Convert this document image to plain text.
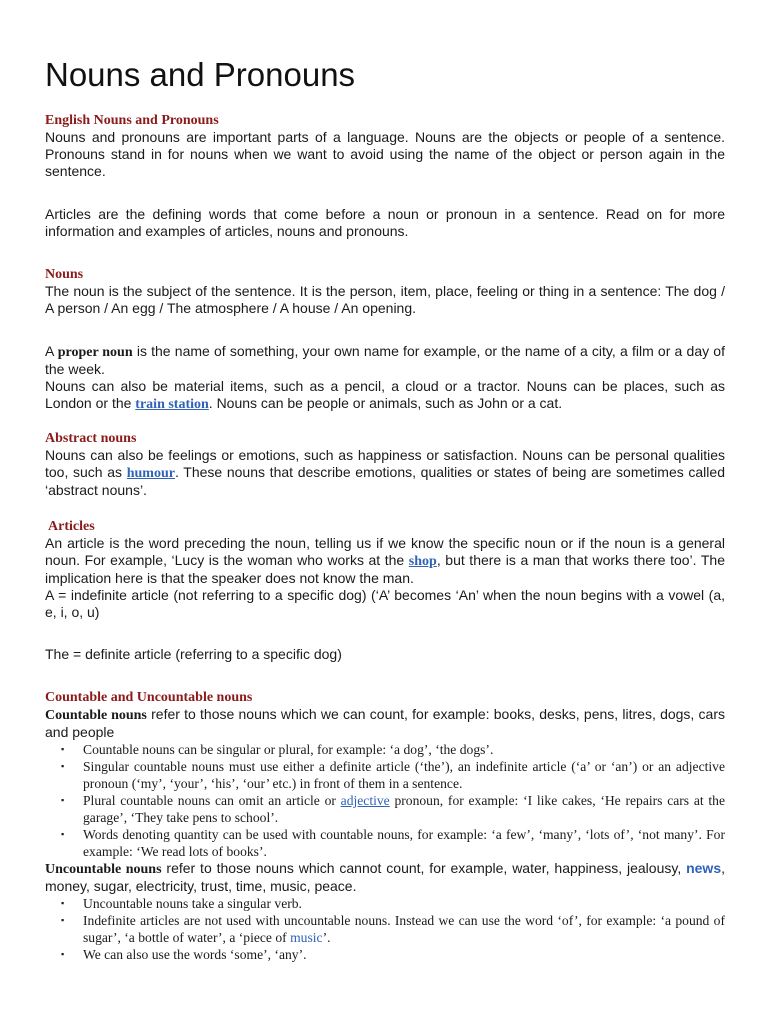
Nouns and Pronouns
English Nouns and Pronouns
Nouns and pronouns are important parts of a language. Nouns are the objects or people of a sentence. Pronouns stand in for nouns when we want to avoid using the name of the object or person again in the sentence.
Articles are the defining words that come before a noun or pronoun in a sentence. Read on for more information and examples of articles, nouns and pronouns.
Nouns
The noun is the subject of the sentence. It is the person, item, place, feeling or thing in a sentence: The dog / A person / An egg / The atmosphere / A house / An opening.
A proper noun is the name of something, your own name for example, or the name of a city, a film or a day of the week.
Nouns can also be material items, such as a pencil, a cloud or a tractor. Nouns can be places, such as London or the train station. Nouns can be people or animals, such as John or a cat.
Abstract nouns
Nouns can also be feelings or emotions, such as happiness or satisfaction. Nouns can be personal qualities too, such as humour. These nouns that describe emotions, qualities or states of being are sometimes called ‘abstract nouns’.
Articles
An article is the word preceding the noun, telling us if we know the specific noun or if the noun is a general noun. For example, ‘Lucy is the woman who works at the shop, but there is a man that works there too’. The implication here is that the speaker does not know the man.
A = indefinite article (not referring to a specific dog) (‘A’ becomes ‘An’ when the noun begins with a vowel (a, e, i, o, u)
The = definite article (referring to a specific dog)
Countable and Uncountable nouns
Countable nouns refer to those nouns which we can count, for example: books, desks, pens, litres, dogs, cars and people
▪ Countable nouns can be singular or plural, for example: ‘a dog’, ‘the dogs’.
▪ Singular countable nouns must use either a definite article (‘the’), an indefinite article (‘a’ or ‘an’) or an adjective pronoun (‘my’, ‘your’, ‘his’, ‘our’ etc.) in front of them in a sentence.
▪ Plural countable nouns can omit an article or adjective pronoun, for example: ‘I like cakes, ‘He repairs cars at the garage’, ‘They take pens to school’.
▪ Words denoting quantity can be used with countable nouns, for example: ‘a few’, ‘many’, ‘lots of’, ‘not many’. For example: ‘We read lots of books’.
Uncountable nouns refer to those nouns which cannot count, for example, water, happiness, jealousy, news, money, sugar, electricity, trust, time, music, peace.
▪ Uncountable nouns take a singular verb.
▪ Indefinite articles are not used with uncountable nouns. Instead we can use the word ‘of’, for example: ‘a pound of sugar’, ‘a bottle of water’, a ‘piece of music’.
▪ We can also use the words ‘some’, ‘any’.
